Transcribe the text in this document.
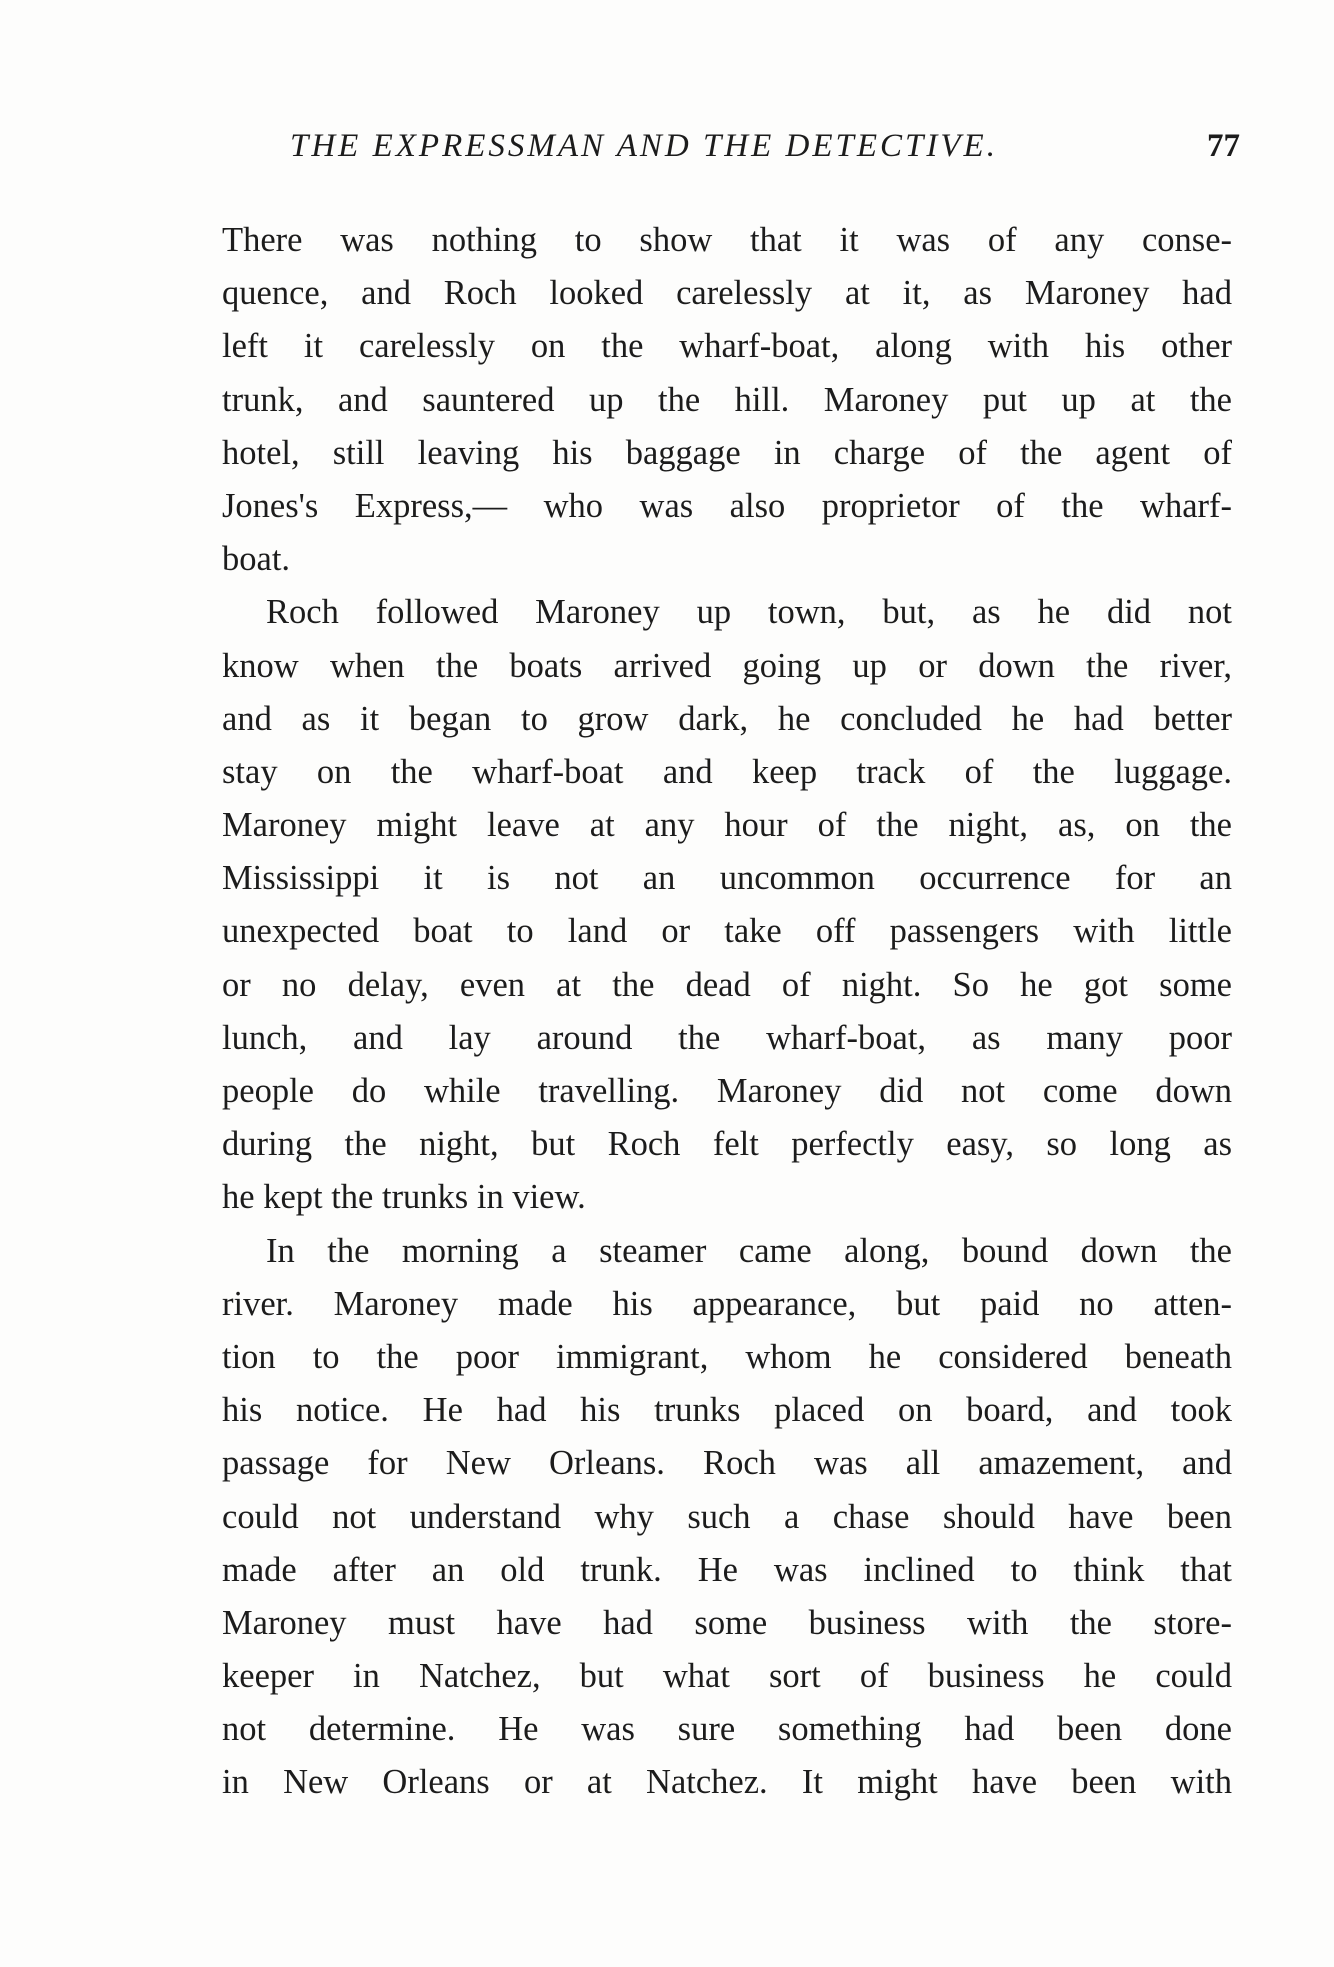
THE EXPRESSMAN AND THE DETECTIVE.	77
There was nothing to show that it was of any conse-
quence, and Roch looked carelessly at it, as Maroney had
left it carelessly on the wharf-boat, along with his other
trunk, and sauntered up the hill. Maroney put up at the
hotel, still leaving his baggage in charge of the agent of
Jones's Express,— who was also proprietor of the wharf-
boat.
Roch followed Maroney up town, but, as he did not
know when the boats arrived going up or down the river,
and as it began to grow dark, he concluded he had better
stay on the wharf-boat and keep track of the luggage.
Maroney might leave at any hour of the night, as, on the
Mississippi it is not an uncommon occurrence for an
unexpected boat to land or take off passengers with little
or no delay, even at the dead of night. So he got some
lunch, and lay around the wharf-boat, as many poor
people do while travelling. Maroney did not come down
during the night, but Roch felt perfectly easy, so long as
he kept the trunks in view.
In the morning a steamer came along, bound down the
river. Maroney made his appearance, but paid no atten-
tion to the poor immigrant, whom he considered beneath
his notice. He had his trunks placed on board, and took
passage for New Orleans. Roch was all amazement, and
could not understand why such a chase should have been
made after an old trunk. He was inclined to think that
Maroney must have had some business with the store-
keeper in Natchez, but what sort of business he could
not determine. He was sure something had been done
in New Orleans or at Natchez. It might have been with
